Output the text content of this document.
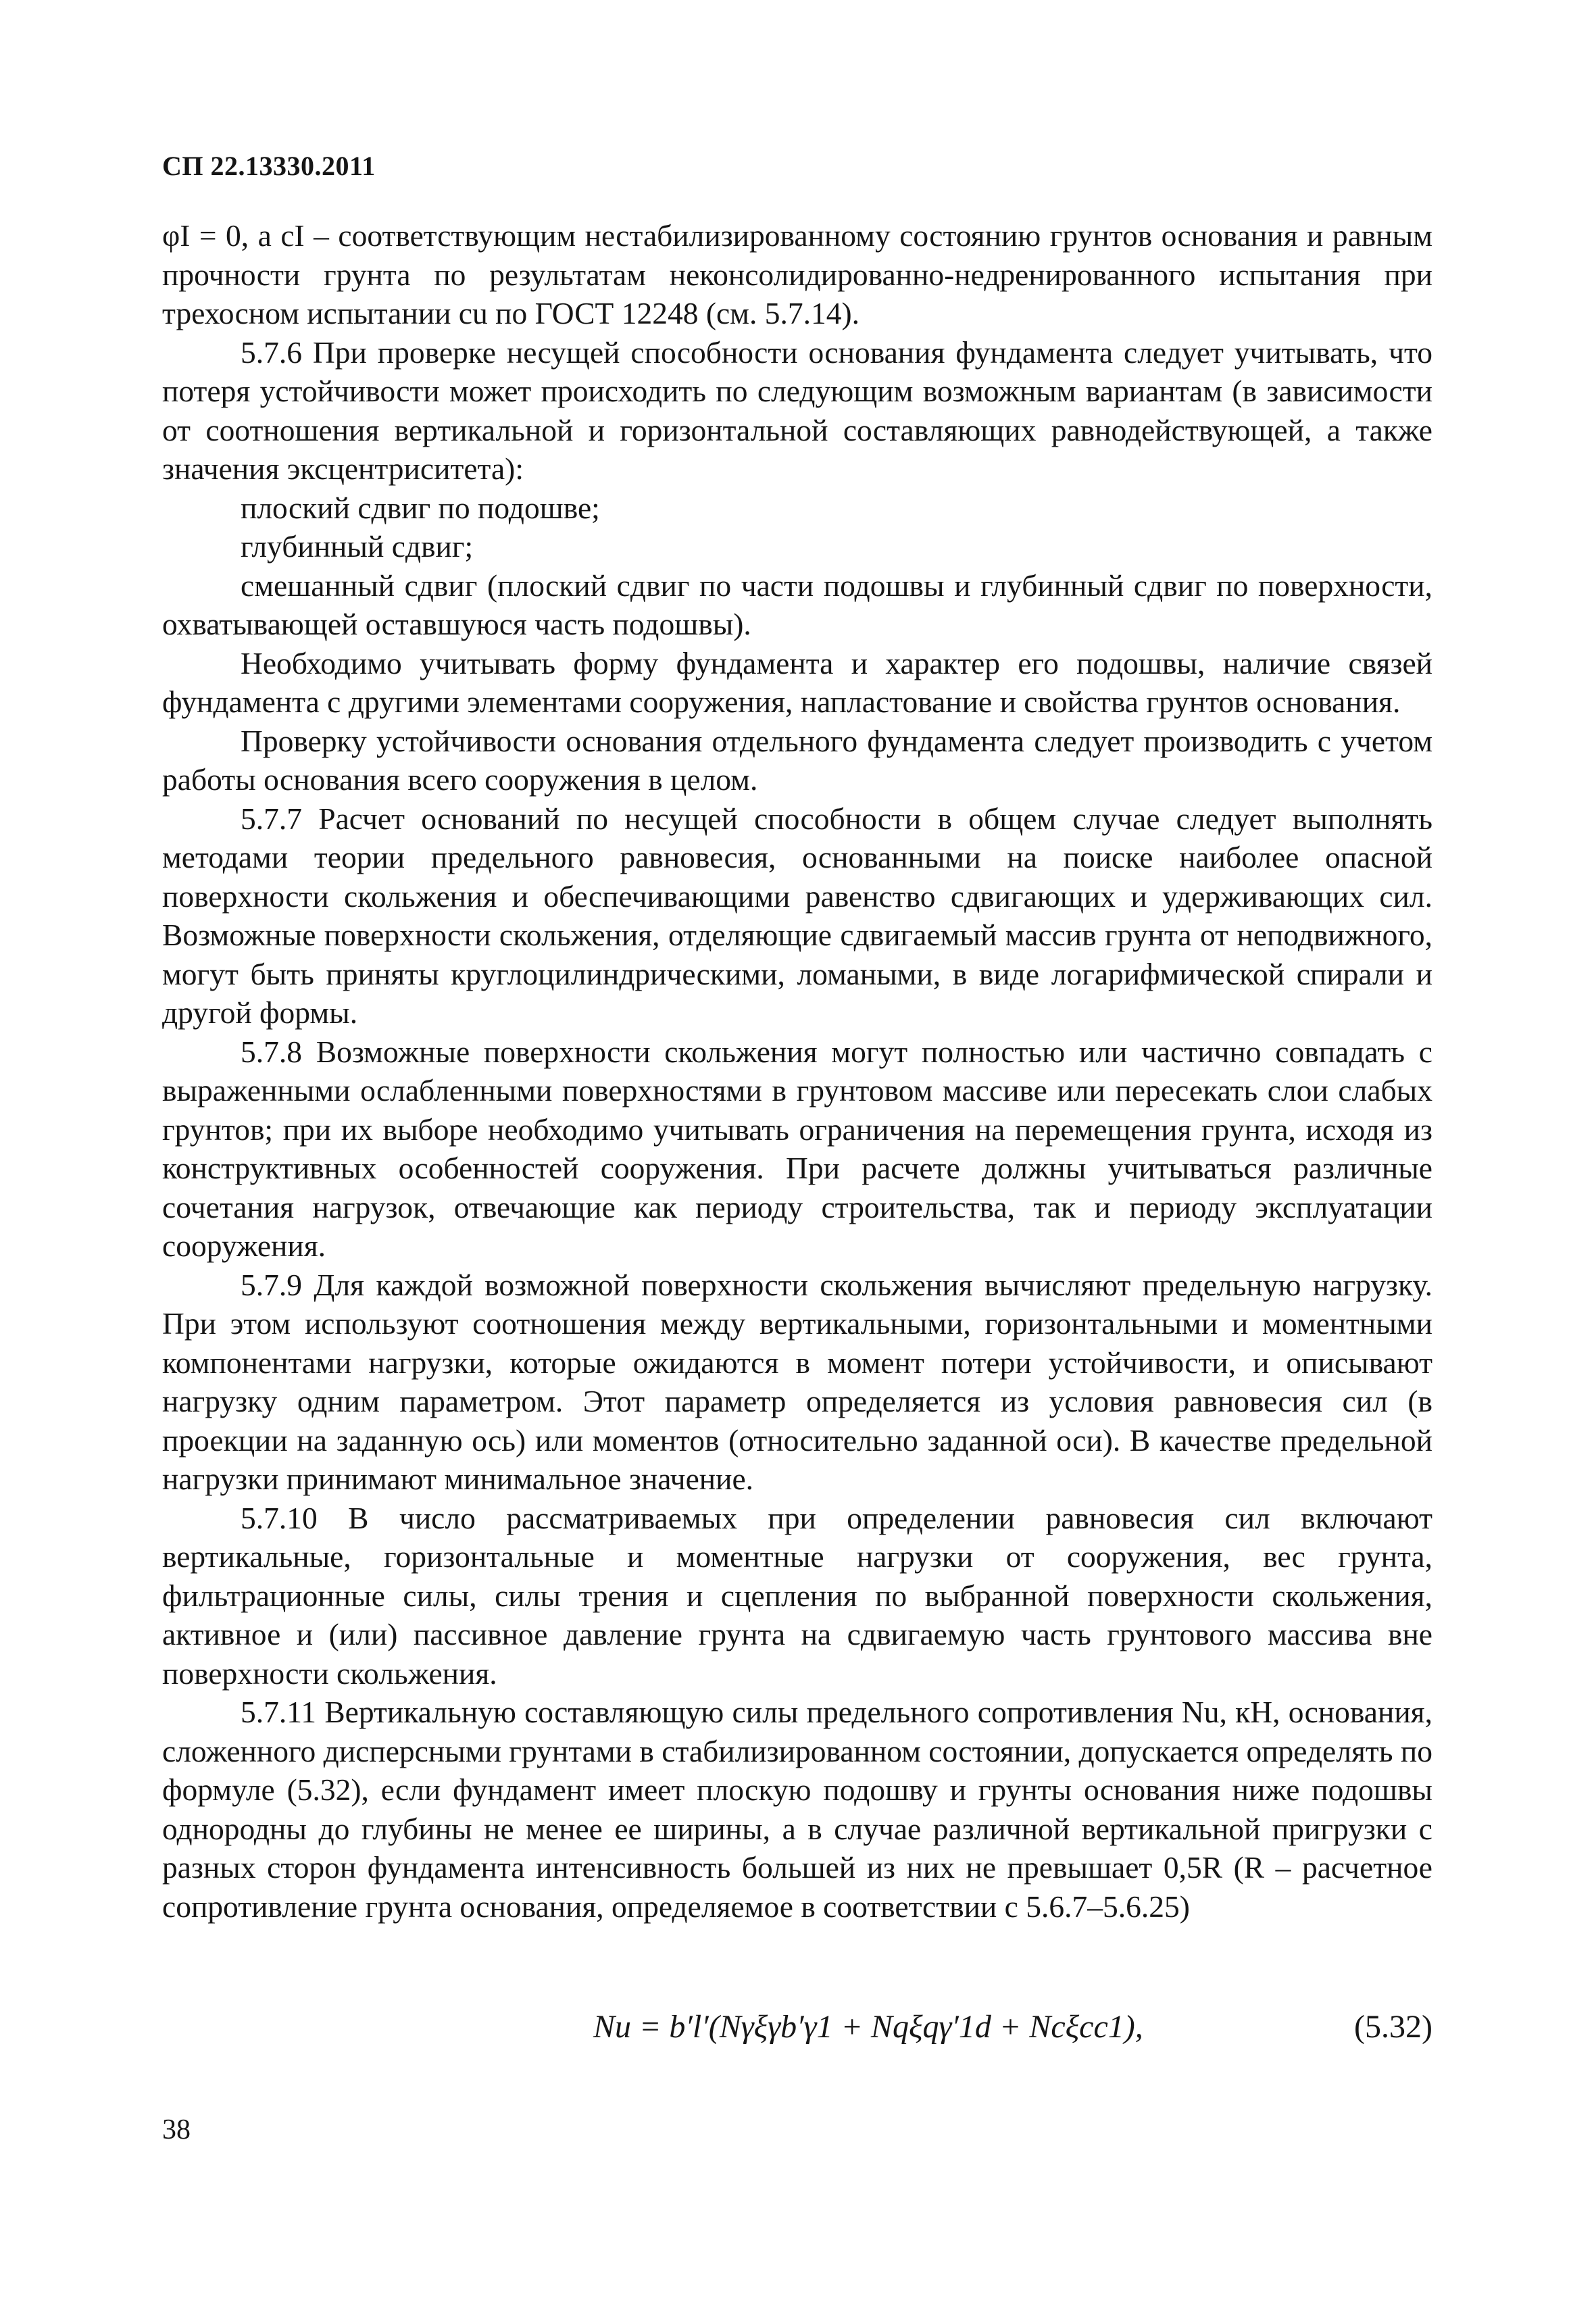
СП 22.13330.2011

φI = 0, а cI – соответствующим нестабилизированному состоянию грунтов основания и равным прочности грунта по результатам неконсолидированно-недренированного испытания при трехосном испытании cu по ГОСТ 12248 (см. 5.7.14).

5.7.6 При проверке несущей способности основания фундамента следует учитывать, что потеря устойчивости может происходить по следующим возможным вариантам (в зависимости от соотношения вертикальной и горизонтальной составляющих равнодействующей, а также значения эксцентриситета):

плоский сдвиг по подошве;

глубинный сдвиг;

смешанный сдвиг (плоский сдвиг по части подошвы и глубинный сдвиг по поверхности, охватывающей оставшуюся часть подошвы).

Необходимо учитывать форму фундамента и характер его подошвы, наличие связей фундамента с другими элементами сооружения, напластование и свойства грунтов основания.

Проверку устойчивости основания отдельного фундамента следует производить с учетом работы основания всего сооружения в целом.

5.7.7 Расчет оснований по несущей способности в общем случае следует выполнять методами теории предельного равновесия, основанными на поиске наиболее опасной поверхности скольжения и обеспечивающими равенство сдвигающих и удерживающих сил. Возможные поверхности скольжения, отделяющие сдвигаемый массив грунта от неподвижного, могут быть приняты круглоцилиндрическими, ломаными, в виде логарифмической спирали и другой формы.

5.7.8 Возможные поверхности скольжения могут полностью или частично совпадать с выраженными ослабленными поверхностями в грунтовом массиве или пересекать слои слабых грунтов; при их выборе необходимо учитывать ограничения на перемещения грунта, исходя из конструктивных особенностей сооружения. При расчете должны учитываться различные сочетания нагрузок, отвечающие как периоду строительства, так и периоду эксплуатации сооружения.

5.7.9 Для каждой возможной поверхности скольжения вычисляют предельную нагрузку. При этом используют соотношения между вертикальными, горизонтальными и моментными компонентами нагрузки, которые ожидаются в момент потери устойчивости, и описывают нагрузку одним параметром. Этот параметр определяется из условия равновесия сил (в проекции на заданную ось) или моментов (относительно заданной оси). В качестве предельной нагрузки принимают минимальное значение.

5.7.10 В число рассматриваемых при определении равновесия сил включают вертикальные, горизонтальные и моментные нагрузки от сооружения, вес грунта, фильтрационные силы, силы трения и сцепления по выбранной поверхности скольжения, активное и (или) пассивное давление грунта на сдвигаемую часть грунтового массива вне поверхности скольжения.

5.7.11 Вертикальную составляющую силы предельного сопротивления Nu, кН, основания, сложенного дисперсными грунтами в стабилизированном состоянии, допускается определять по формуле (5.32), если фундамент имеет плоскую подошву и грунты основания ниже подошвы однородны до глубины не менее ее ширины, а в случае различной вертикальной пригрузки с разных сторон фундамента интенсивность большей из них не превышает 0,5R (R – расчетное сопротивление грунта основания, определяемое в соответствии с 5.6.7–5.6.25)

Nu = b′l′(Nγξγb′γ1 + Nqξqγ′1d + Ncξcc1),	(5.32)
38
